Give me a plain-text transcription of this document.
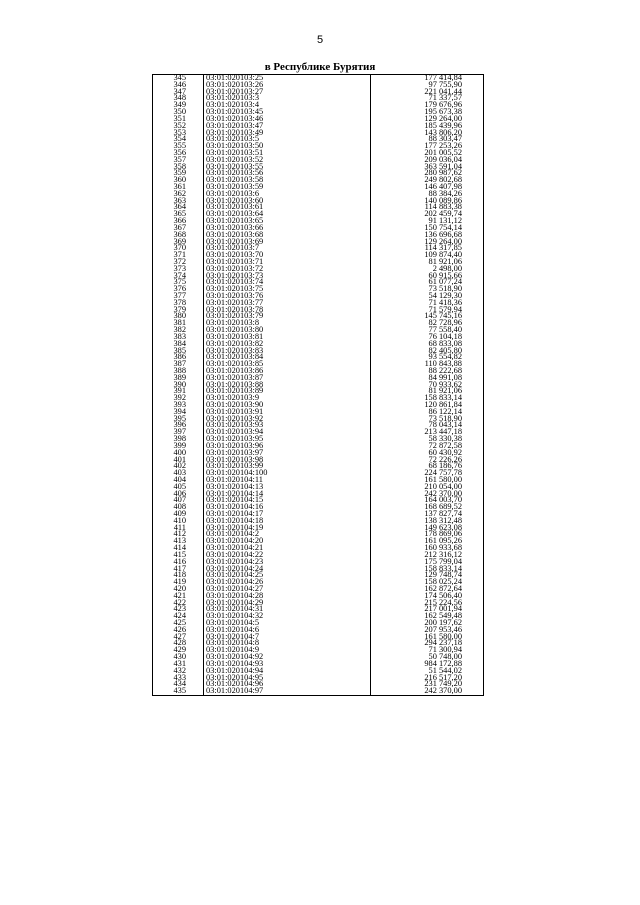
5
в Республике Бурятия
345	03:01:020103:25	177 414,84
346	03:01:020103:26	97 755,90
347	03:01:020103:27	221 041,44
348	03:01:020103:3	71 337,57
349	03:01:020103:4	179 676,96
350	03:01:020103:45	195 673,38
351	03:01:020103:46	129 264,00
352	03:01:020103:47	185 439,96
353	03:01:020103:49	143 806,20
354	03:01:020103:5	88 303,47
355	03:01:020103:50	177 253,26
356	03:01:020103:51	201 005,52
357	03:01:020103:52	209 036,04
358	03:01:020103:55	363 591,04
359	03:01:020103:56	280 987,62
360	03:01:020103:58	249 802,68
361	03:01:020103:59	146 407,98
362	03:01:020103:6	88 384,26
363	03:01:020103:60	140 089,86
364	03:01:020103:61	114 883,38
365	03:01:020103:64	202 459,74
366	03:01:020103:65	91 131,12
367	03:01:020103:66	150 754,14
368	03:01:020103:68	136 696,68
369	03:01:020103:69	129 264,00
370	03:01:020103:7	114 317,85
371	03:01:020103:70	109 874,40
372	03:01:020103:71	81 921,06
373	03:01:020103:72	2 498,00
374	03:01:020103:73	60 915,66
375	03:01:020103:74	61 077,24
376	03:01:020103:75	73 518,90
377	03:01:020103:76	54 129,30
378	03:01:020103:77	71 418,36
379	03:01:020103:78	71 579,94
380	03:01:020103:79	145 745,16
381	03:01:020103:8	82 728,96
382	03:01:020103:80	77 558,40
383	03:01:020103:81	76 104,18
384	03:01:020103:82	68 833,08
385	03:01:020103:83	82 405,80
386	03:01:020103:84	93 554,82
387	03:01:020103:85	110 843,88
388	03:01:020103:86	88 222,68
389	03:01:020103:87	84 991,08
390	03:01:020103:88	70 933,62
391	03:01:020103:89	81 921,06
392	03:01:020103:9	158 833,14
393	03:01:020103:90	120 861,84
394	03:01:020103:91	86 122,14
395	03:01:020103:92	73 518,90
396	03:01:020103:93	78 043,14
397	03:01:020103:94	213 447,18
398	03:01:020103:95	58 330,38
399	03:01:020103:96	72 872,58
400	03:01:020103:97	60 430,92
401	03:01:020103:98	72 226,26
402	03:01:020103:99	68 186,76
403	03:01:020104:100	224 757,78
404	03:01:020104:11	161 580,00
405	03:01:020104:13	210 054,00
406	03:01:020104:14	242 370,00
407	03:01:020104:15	164 003,70
408	03:01:020104:16	168 689,52
409	03:01:020104:17	137 827,74
410	03:01:020104:18	138 312,48
411	03:01:020104:19	149 623,08
412	03:01:020104:2	178 869,06
413	03:01:020104:20	161 095,26
414	03:01:020104:21	160 933,68
415	03:01:020104:22	212 316,12
416	03:01:020104:23	175 799,04
417	03:01:020104:24	158 833,14
418	03:01:020104:25	129 748,74
419	03:01:020104:26	158 025,24
420	03:01:020104:27	162 872,64
421	03:01:020104:28	174 506,40
422	03:01:020104:29	215 224,56
423	03:01:020104:31	217 001,94
424	03:01:020104:32	162 549,48
425	03:01:020104:5	200 197,62
426	03:01:020104:6	207 953,46
427	03:01:020104:7	161 580,00
428	03:01:020104:8	294 237,18
429	03:01:020104:9	71 300,94
430	03:01:020104:92	50 748,00
431	03:01:020104:93	984 172,88
432	03:01:020104:94	51 544,02
433	03:01:020104:95	216 517,20
434	03:01:020104:96	231 749,20
435	03:01:020104:97	242 370,00
